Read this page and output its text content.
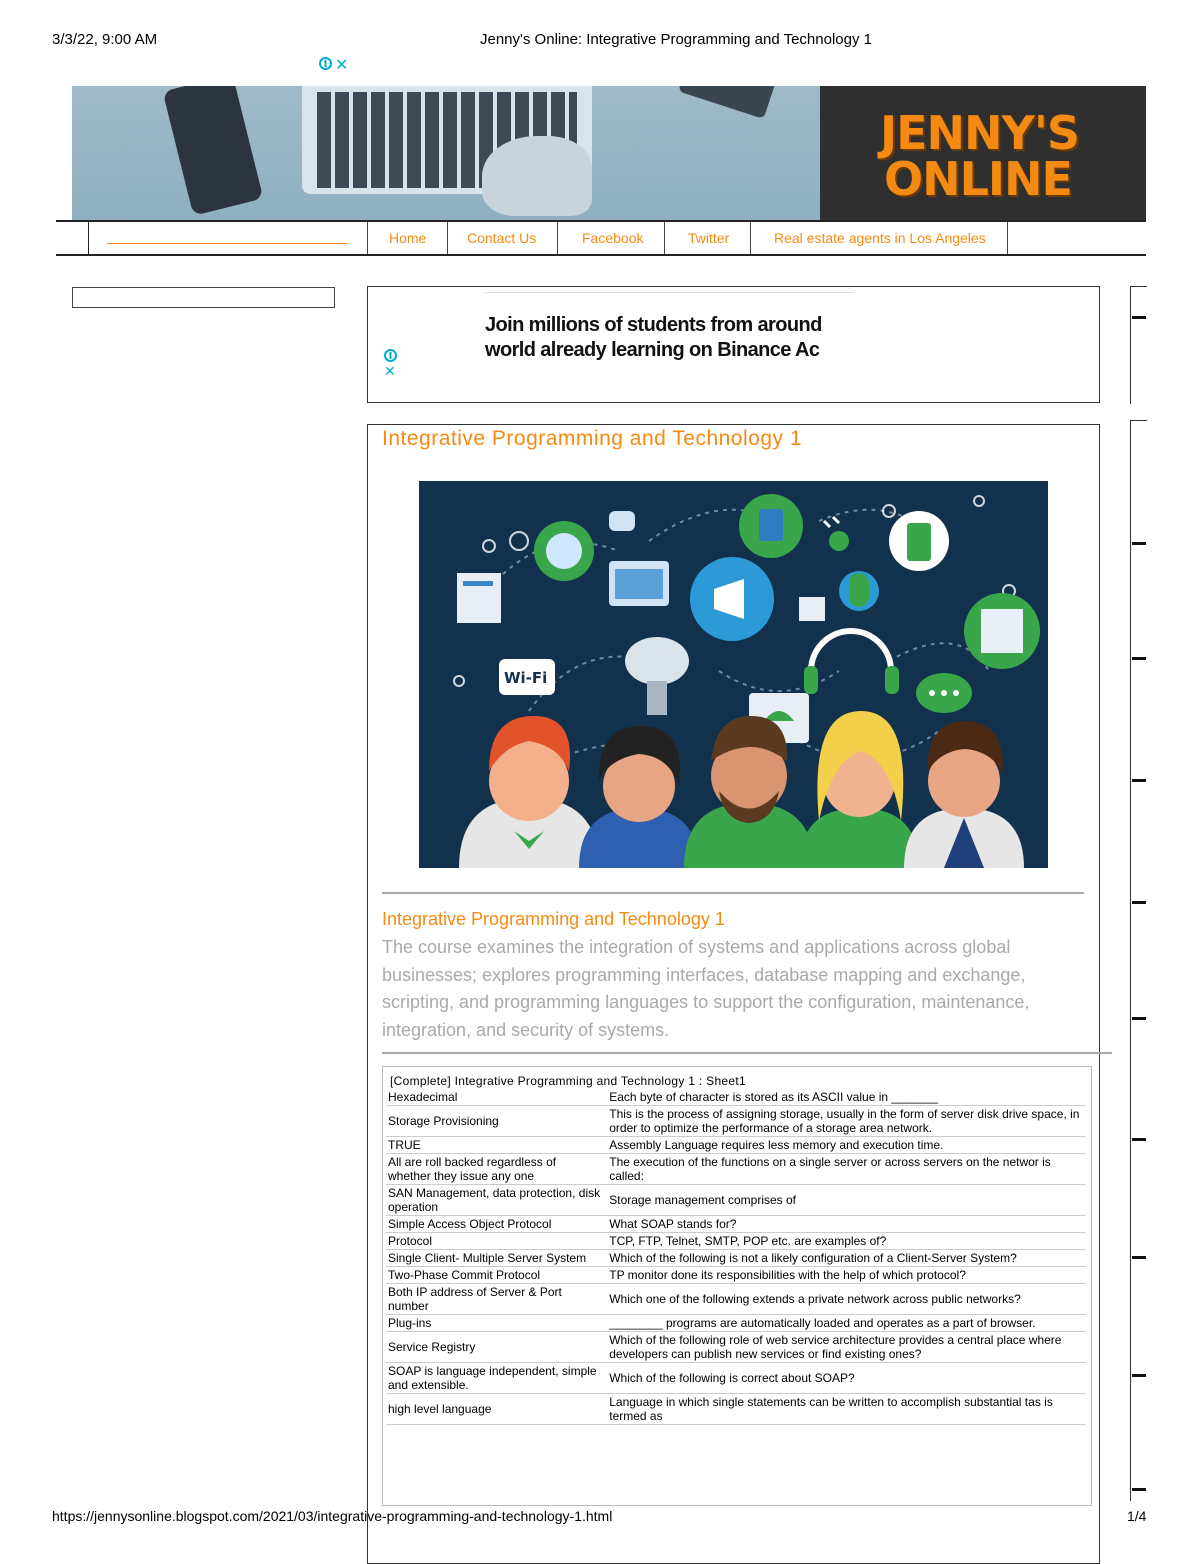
3/3/22, 9:00 AM	Jenny's Online: Integrative Programming and Technology 1
✕
JENNY'S
ONLINE
Home	Contact Us	Facebook	Twitter	Real estate agents in Los Angeles
✕
Join millions of students from around
world already learning on Binance Ac
Integrative Programming and Technology 1
Wi-Fi
Integrative Programming and Technology 1
The course examines the integration of systems and applications across global businesses; explores programming interfaces, database mapping and exchange, scripting, and programming languages to support the configuration, maintenance, integration, and security of systems.
[Complete] Integrative Programming and Technology 1 : Sheet1
Hexadecimal	Each byte of character is stored as its ASCII value in _______
Storage Provisioning	This is the process of assigning storage, usually in the form of server disk drive space, in order to optimize the performance of a storage area network.
TRUE	Assembly Language requires less memory and execution time.
All are roll backed regardless of whether they issue any one	The execution of the functions on a single server or across servers on the networ is called:
SAN Management, data protection, disk operation	Storage management comprises of
Simple Access Object Protocol	What SOAP stands for?
Protocol	TCP, FTP, Telnet, SMTP, POP etc. are examples of?
Single Client- Multiple Server System	Which of the following is not a likely configuration of a Client-Server System?
Two-Phase Commit Protocol	TP monitor done its responsibilities with the help of which protocol?
Both IP address of Server & Port number	Which one of the following extends a private network across public networks?
Plug-ins	________ programs are automatically loaded and operates as a part of browser.
Service Registry	Which of the following role of web service architecture provides a central place where developers can publish new services or find existing ones?
SOAP is language independent, simple and extensible.	Which of the following is correct about SOAP?
high level language	Language in which single statements can be written to accomplish substantial tas is termed as
https://jennysonline.blogspot.com/2021/03/integrative-programming-and-technology-1.html	1/4
